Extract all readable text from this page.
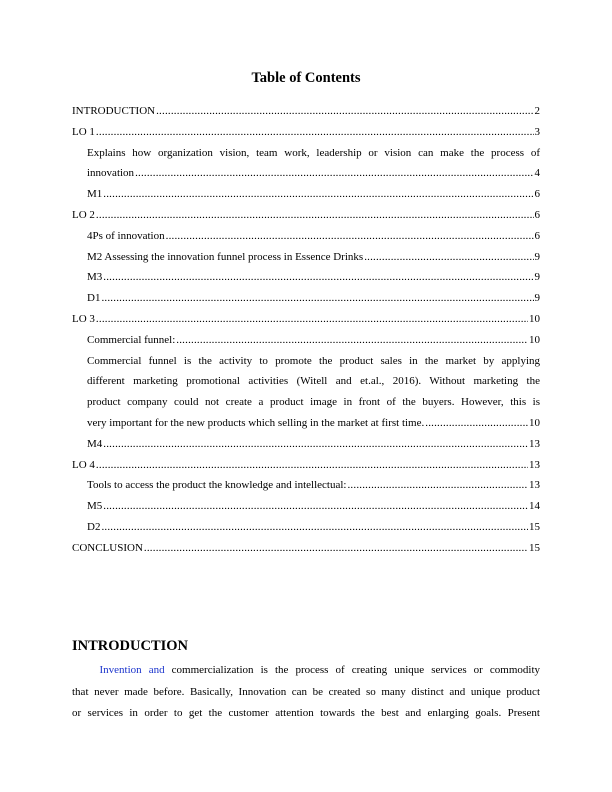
Table of Contents
INTRODUCTION .....	2
LO 1 .....	3
Explains how organization vision, team work, leadership or vision can make the process of
innovation .....	4
M1 .....	6
LO 2 .....	6
4Ps of innovation .....	6
M2 Assessing the innovation funnel process in Essence Drinks .....	9
M3 .....	9
D1 .....	9
LO 3 .....	10
Commercial funnel: .....	10
Commercial funnel is the activity to promote the product sales in the market by applying
different marketing promotional activities (Witell and et.al., 2016). Without marketing the
product company could not create a product image in front of the buyers. However, this is
very important for the new products which selling in the market at first time. .....	10
M4 .....	13
LO 4 .....	13
Tools to access the product the knowledge and intellectual: .....	13
M5 .....	14
D2 .....	15
CONCLUSION .....	15
INTRODUCTION
   Invention and commercialization is the process of creating unique services or commodity
that never made before. Basically, Innovation can be created so many distinct and unique product
or services in order to get the customer attention towards the best and enlarging goals. Present
